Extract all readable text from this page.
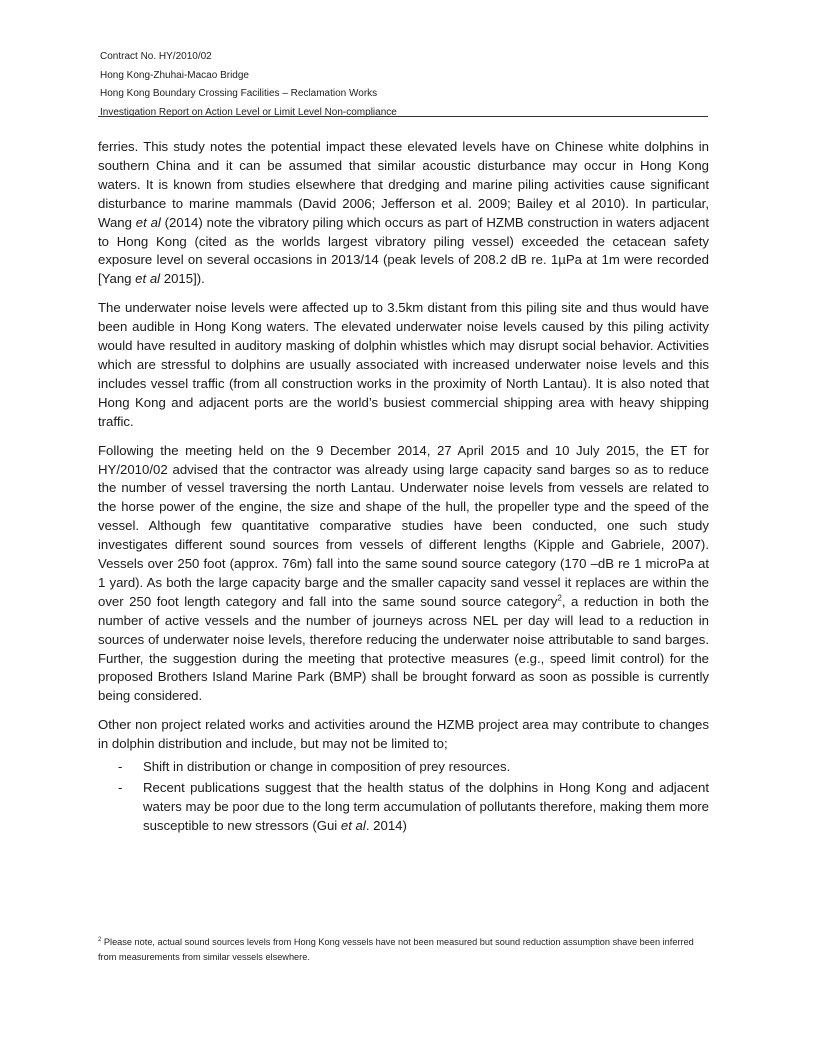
Contract No. HY/2010/02
Hong Kong-Zhuhai-Macao Bridge
Hong Kong Boundary Crossing Facilities – Reclamation Works
Investigation Report on Action Level or Limit Level Non-compliance

ferries. This study notes the potential impact these elevated levels have on Chinese white dolphins in southern China and it can be assumed that similar acoustic disturbance may occur in Hong Kong waters. It is known from studies elsewhere that dredging and marine piling activities cause significant disturbance to marine mammals (David 2006; Jefferson et al. 2009; Bailey et al 2010). In particular, Wang et al (2014) note the vibratory piling which occurs as part of HZMB construction in waters adjacent to Hong Kong (cited as the worlds largest vibratory piling vessel) exceeded the cetacean safety exposure level on several occasions in 2013/14 (peak levels of 208.2 dB re. 1µPa at 1m were recorded [Yang et al 2015]).

The underwater noise levels were affected up to 3.5km distant from this piling site and thus would have been audible in Hong Kong waters. The elevated underwater noise levels caused by this piling activity would have resulted in auditory masking of dolphin whistles which may disrupt social behavior. Activities which are stressful to dolphins are usually associated with increased underwater noise levels and this includes vessel traffic (from all construction works in the proximity of North Lantau). It is also noted that Hong Kong and adjacent ports are the world’s busiest commercial shipping area with heavy shipping traffic.

Following the meeting held on the 9 December 2014, 27 April 2015 and 10 July 2015, the ET for HY/2010/02 advised that the contractor was already using large capacity sand barges so as to reduce the number of vessel traversing the north Lantau. Underwater noise levels from vessels are related to the horse power of the engine, the size and shape of the hull, the propeller type and the speed of the vessel. Although few quantitative comparative studies have been conducted, one such study investigates different sound sources from vessels of different lengths (Kipple and Gabriele, 2007). Vessels over 250 foot (approx. 76m) fall into the same sound source category (170 –dB re 1 microPa at 1 yard). As both the large capacity barge and the smaller capacity sand vessel it replaces are within the over 250 foot length category and fall into the same sound source category$^2$, a reduction in both the number of active vessels and the number of journeys across NEL per day will lead to a reduction in sources of underwater noise levels, therefore reducing the underwater noise attributable to sand barges. Further, the suggestion during the meeting that protective measures (e.g., speed limit control) for the proposed Brothers Island Marine Park (BMP) shall be brought forward as soon as possible is currently being considered.

Other non project related works and activities around the HZMB project area may contribute to changes in dolphin distribution and include, but may not be limited to;

- Shift in distribution or change in composition of prey resources.
- Recent publications suggest that the health status of the dolphins in Hong Kong and adjacent waters may be poor due to the long term accumulation of pollutants therefore, making them more susceptible to new stressors (Gui et al. 2014)
$^2$ Please note, actual sound sources levels from Hong Kong vessels have not been measured but sound reduction assumption shave been inferred from measurements from similar vessels elsewhere.
